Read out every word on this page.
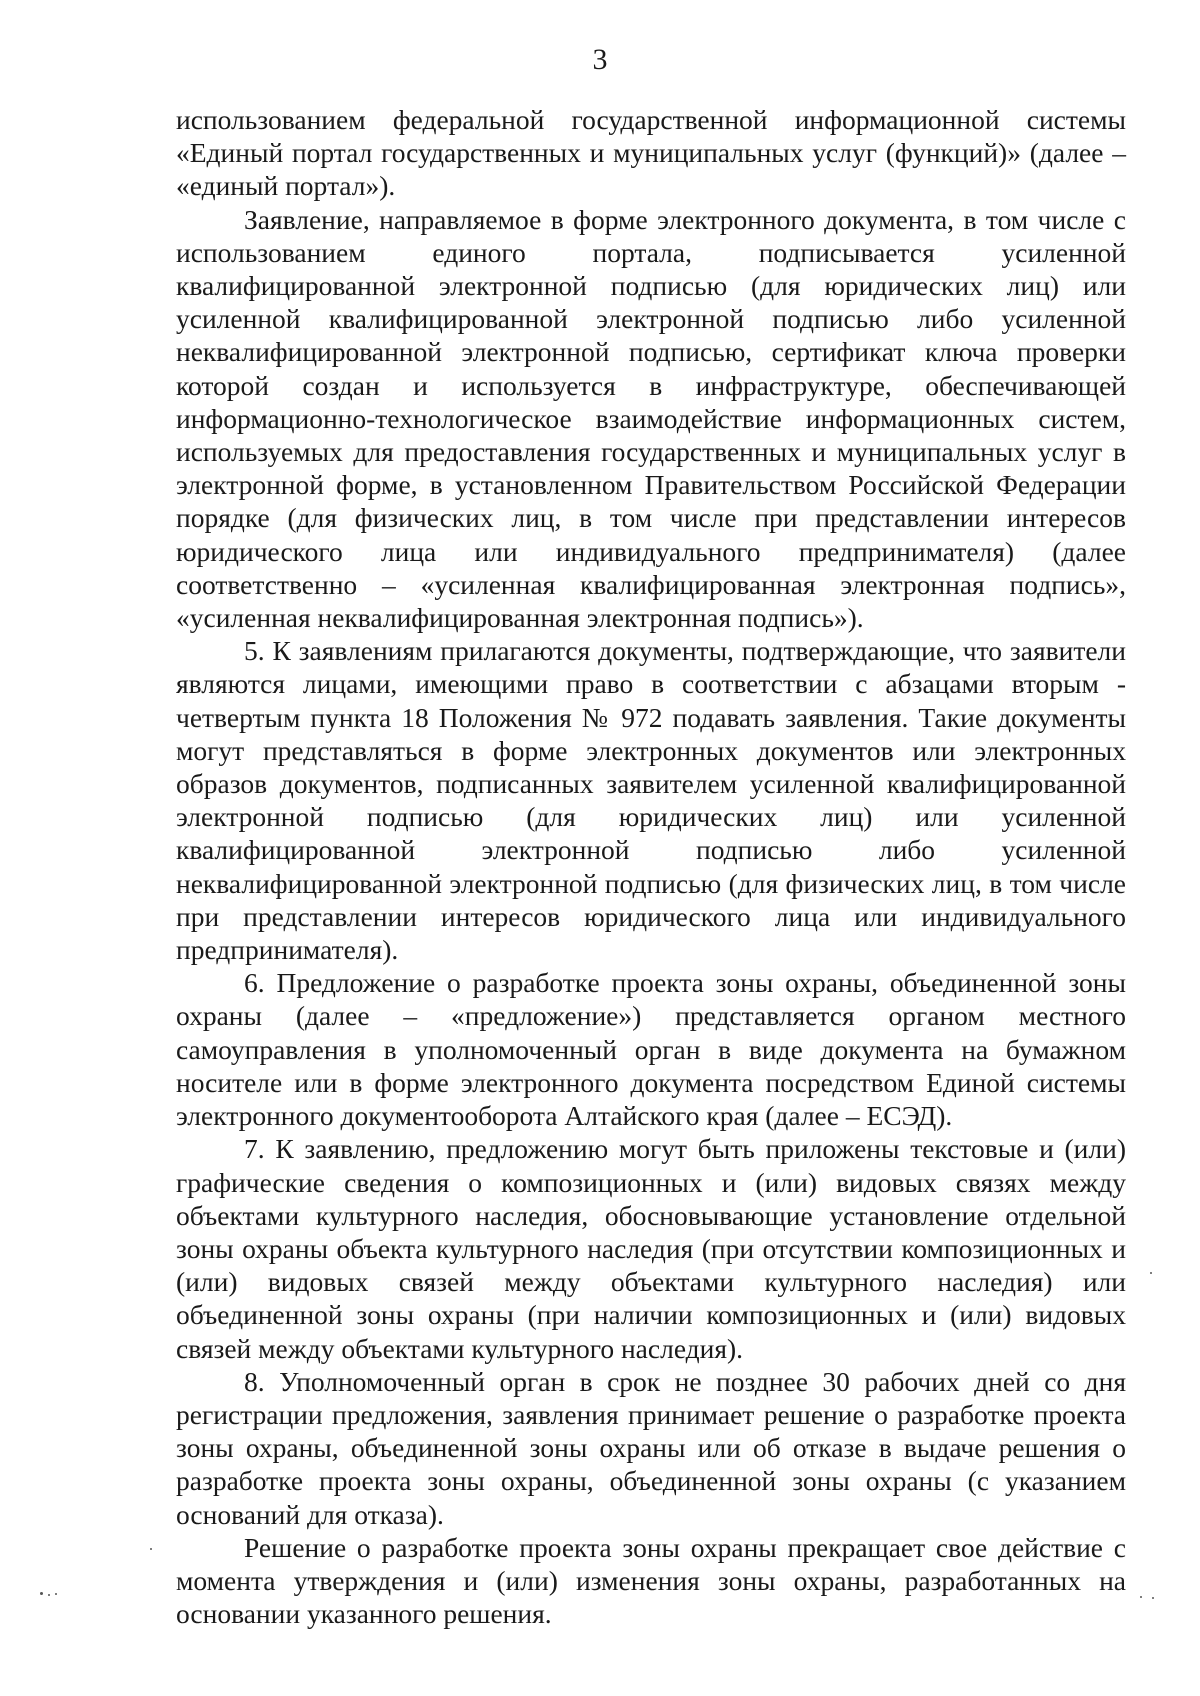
3

использованием федеральной государственной информационной системы «Единый портал государственных и муниципальных услуг (функций)» (далее – «единый портал»).

Заявление, направляемое в форме электронного документа, в том числе с использованием единого портала, подписывается усиленной квалифицированной электронной подписью (для юридических лиц) или усиленной квалифицированной электронной подписью либо усиленной неквалифицированной электронной подписью, сертификат ключа проверки которой создан и используется в инфраструктуре, обеспечивающей информационно-технологическое взаимодействие информационных систем, используемых для предоставления государственных и муниципальных услуг в электронной форме, в установленном Правительством Российской Федерации порядке (для физических лиц, в том числе при представлении интересов юридического лица или индивидуального предпринимателя) (далее соответственно – «усиленная квалифицированная электронная подпись», «усиленная неквалифицированная электронная подпись»).

5. К заявлениям прилагаются документы, подтверждающие, что заявители являются лицами, имеющими право в соответствии с абзацами вторым - четвертым пункта 18 Положения № 972 подавать заявления. Такие документы могут представляться в форме электронных документов или электронных образов документов, подписанных заявителем усиленной квалифицированной электронной подписью (для юридических лиц) или усиленной квалифицированной электронной подписью либо усиленной неквалифицированной электронной подписью (для физических лиц, в том числе при представлении интересов юридического лица или индивидуального предпринимателя).

6. Предложение о разработке проекта зоны охраны, объединенной зоны охраны (далее – «предложение») представляется органом местного самоуправления в уполномоченный орган в виде документа на бумажном носителе или в форме электронного документа посредством Единой системы электронного документооборота Алтайского края (далее – ЕСЭД).

7. К заявлению, предложению могут быть приложены текстовые и (или) графические сведения о композиционных и (или) видовых связях между объектами культурного наследия, обосновывающие установление отдельной зоны охраны объекта культурного наследия (при отсутствии композиционных и (или) видовых связей между объектами культурного наследия) или объединенной зоны охраны (при наличии композиционных и (или) видовых связей между объектами культурного наследия).

8. Уполномоченный орган в срок не позднее 30 рабочих дней со дня регистрации предложения, заявления принимает решение о разработке проекта зоны охраны, объединенной зоны охраны или об отказе в выдаче решения о разработке проекта зоны охраны, объединенной зоны охраны (с указанием оснований для отказа).

Решение о разработке проекта зоны охраны прекращает свое действие с момента утверждения и (или) изменения зоны охраны, разработанных на основании указанного решения.
